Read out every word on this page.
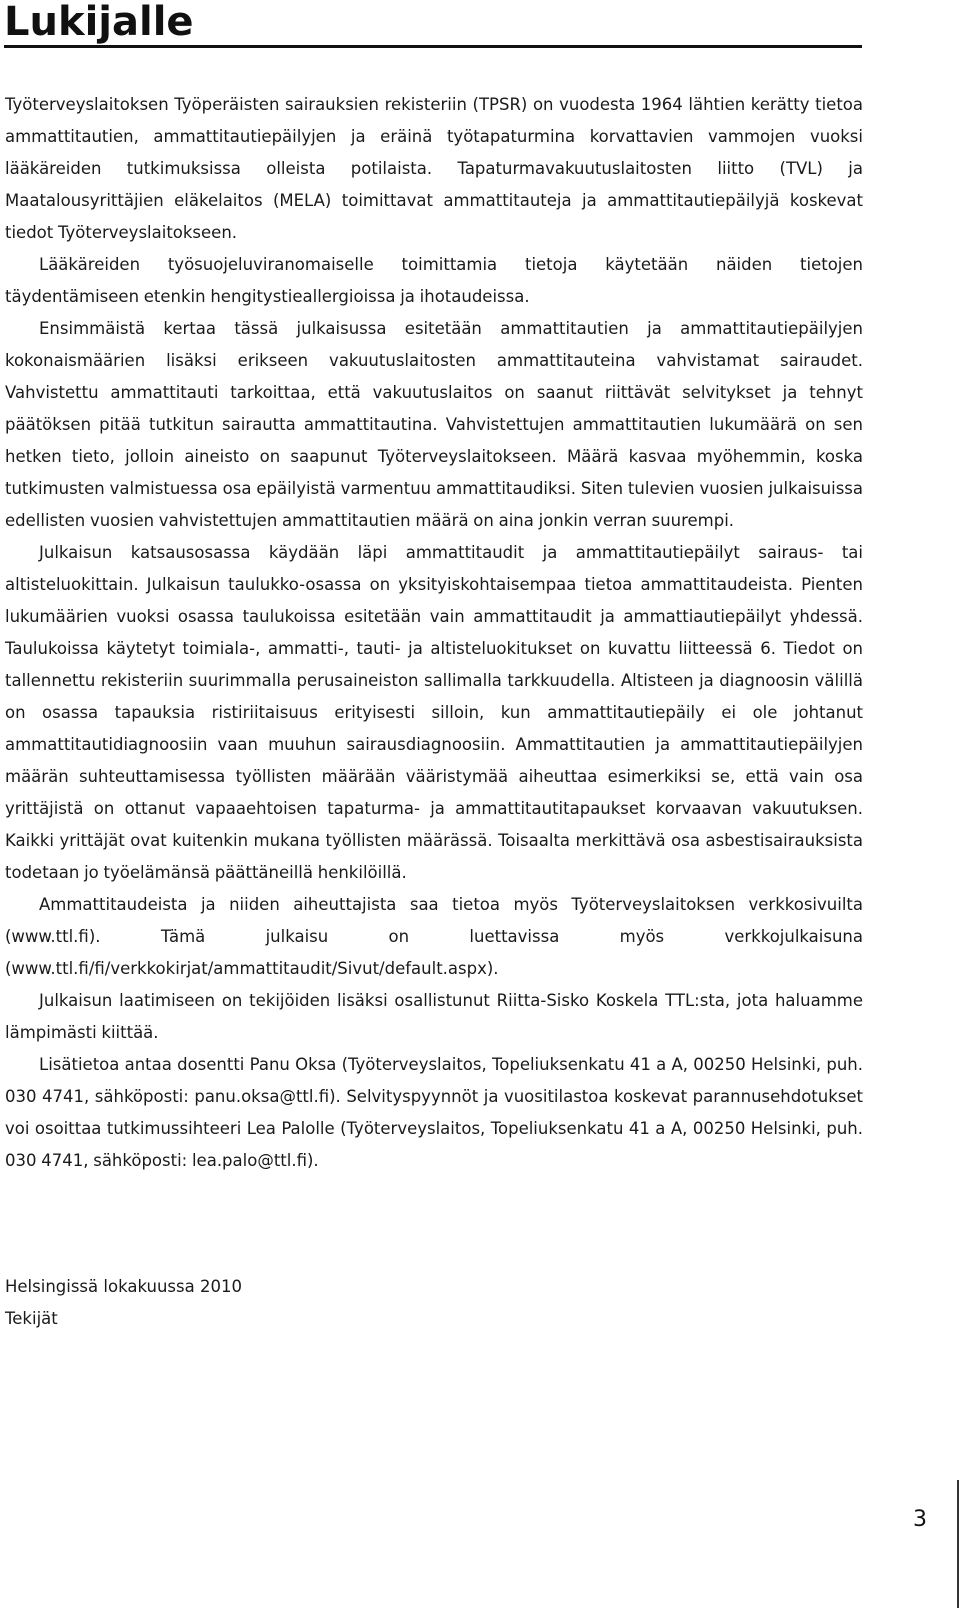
Lukijalle

Työterveyslaitoksen Työperäisten sairauksien rekisteriin (TPSR) on vuodesta 1964 lähtien kerätty tietoa ammattitautien, ammattitautiepäilyjen ja eräinä työtapaturmina korvattavien vammojen vuoksi lääkäreiden tutkimuksissa olleista potilaista. Tapaturmavakuutuslaitosten liitto (TVL) ja Maatalousyrittäjien eläkelaitos (MELA) toimittavat ammattitauteja ja ammattitautiepäilyjä koskevat tiedot Työterveyslaitokseen.

Lääkäreiden työsuojeluviranomaiselle toimittamia tietoja käytetään näiden tietojen täydentämiseen etenkin hengitystieallergioissa ja ihotaudeissa.

Ensimmäistä kertaa tässä julkaisussa esitetään ammattitautien ja ammattitautiepäilyjen kokonaismäärien lisäksi erikseen vakuutuslaitosten ammattitauteina vahvistamat sairaudet. Vahvistettu ammattitauti tarkoittaa, että vakuutuslaitos on saanut riittävät selvitykset ja tehnyt päätöksen pitää tutkitun sairautta ammattitautina. Vahvistettujen ammattitautien lukumäärä on sen hetken tieto, jolloin aineisto on saapunut Työterveyslaitokseen. Määrä kasvaa myöhemmin, koska tutkimusten valmistuessa osa epäilyistä varmentuu ammattitaudiksi. Siten tulevien vuosien julkaisuissa edellisten vuosien vahvistettujen ammattitautien määrä on aina jonkin verran suurempi.

Julkaisun katsausosassa käydään läpi ammattitaudit ja ammattitautiepäilyt sairaus- tai altisteluokittain. Julkaisun taulukko-osassa on yksityiskohtaisempaa tietoa ammattitaudeista. Pienten lukumäärien vuoksi osassa taulukoissa esitetään vain ammattitaudit ja ammattiautiepäilyt yhdessä. Taulukoissa käytetyt toimiala-, ammatti-, tauti- ja altisteluokitukset on kuvattu liitteessä 6. Tiedot on tallennettu rekisteriin suurimmalla perusaineiston sallimalla tarkkuudella. Altisteen ja diagnoosin välillä on osassa tapauksia ristiriitaisuus erityisesti silloin, kun ammattitautiepäily ei ole johtanut ammattitautidiagnoosiin vaan muuhun sairausdiagnoosiin. Ammattitautien ja ammattitautiepäilyjen määrän suhteuttamisessa työllisten määrään vääristymää aiheuttaa esimerkiksi se, että vain osa yrittäjistä on ottanut vapaaehtoisen tapaturma- ja ammattitautitapaukset korvaavan vakuutuksen. Kaikki yrittäjät ovat kuitenkin mukana työllisten määrässä. Toisaalta merkittävä osa asbestisairauksista todetaan jo työelämänsä päättäneillä henkilöillä.

Ammattitaudeista ja niiden aiheuttajista saa tietoa myös Työterveyslaitoksen verkkosivuilta (www.ttl.fi). Tämä julkaisu on luettavissa myös verkkojulkaisuna (www.ttl.fi/fi/verkkokirjat/ammattitaudit/Sivut/default.aspx).

Julkaisun laatimiseen on tekijöiden lisäksi osallistunut Riitta-Sisko Koskela TTL:sta, jota haluamme lämpimästi kiittää.

Lisätietoa antaa dosentti Panu Oksa (Työterveyslaitos, Topeliuksenkatu 41 a A, 00250 Helsinki, puh. 030 4741, sähköposti: panu.oksa@ttl.fi). Selvityspyynnöt ja vuositilastoa koskevat parannusehdotukset voi osoittaa tutkimussihteeri Lea Palolle (Työterveyslaitos, Topeliuksenkatu 41 a A, 00250 Helsinki, puh. 030 4741, sähköposti: lea.palo@ttl.fi).

Helsingissä lokakuussa 2010
Tekijät
3
